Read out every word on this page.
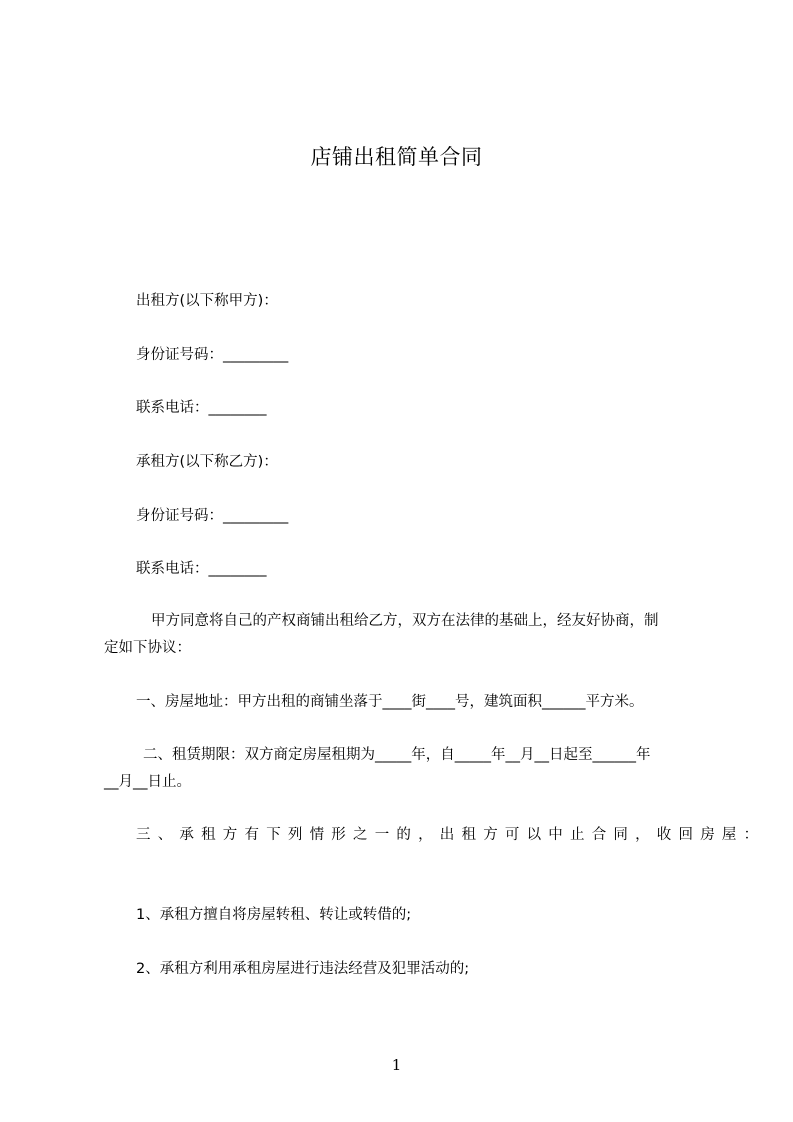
店铺出租简单合同
出租方(以下称甲方)：
身份证号码：_________
联系电话：________
承租方(以下称乙方)：
身份证号码：_________
联系电话：________
甲方同意将自己的产权商铺出租给乙方，双方在法律的基础上，经友好协商，制
定如下协议：
一、房屋地址：甲方出租的商铺坐落于____街____号，建筑面积______平方米。
二、租赁期限：双方商定房屋租期为_____年，自_____年__月__日起至______年
__月__日止。
三、承租方有下列情形之一的，出租方可以中止合同，收回房屋：
1、承租方擅自将房屋转租、转让或转借的;
2、承租方利用承租房屋进行违法经营及犯罪活动的;
1
